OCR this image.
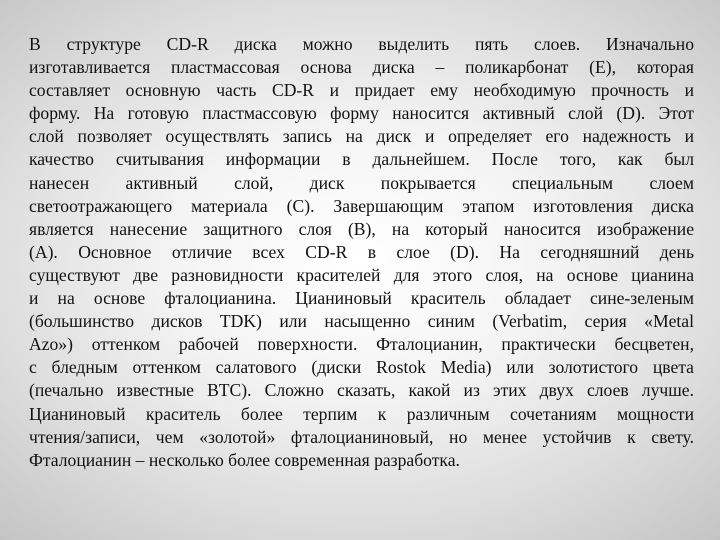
В структуре CD-R диска можно выделить пять слоев. Изначально
изготавливается пластмассовая основа диска – поликарбонат (E), которая
составляет основную часть CD-R и придает ему необходимую прочность и
форму. На готовую пластмассовую форму наносится активный слой (D). Этот
слой позволяет осуществлять запись на диск и определяет его надежность и
качество считывания информации в дальнейшем. После того, как был
нанесен активный слой, диск покрывается специальным слоем
светоотражающего материала (C). Завершающим этапом изготовления диска
является нанесение защитного слоя (B), на который наносится изображение
(A). Основное отличие всех CD-R в слое (D). На сегодняшний день
существуют две разновидности красителей для этого слоя, на основе цианина
и на основе фталоцианина. Цианиновый краситель обладает сине-зеленым
(большинство дисков TDK) или насыщенно синим (Verbatim, серия «Metal
Azo») оттенком рабочей поверхности. Фталоцианин, практически бесцветен,
с бледным оттенком салатового (диски Rostok Media) или золотистого цвета
(печально известные BTC). Сложно сказать, какой из этих двух слоев лучше.
Цианиновый краситель более терпим к различным сочетаниям мощности
чтения/записи, чем «золотой» фталоцианиновый, но менее устойчив к свету.
Фталоцианин – несколько более современная разработка.
